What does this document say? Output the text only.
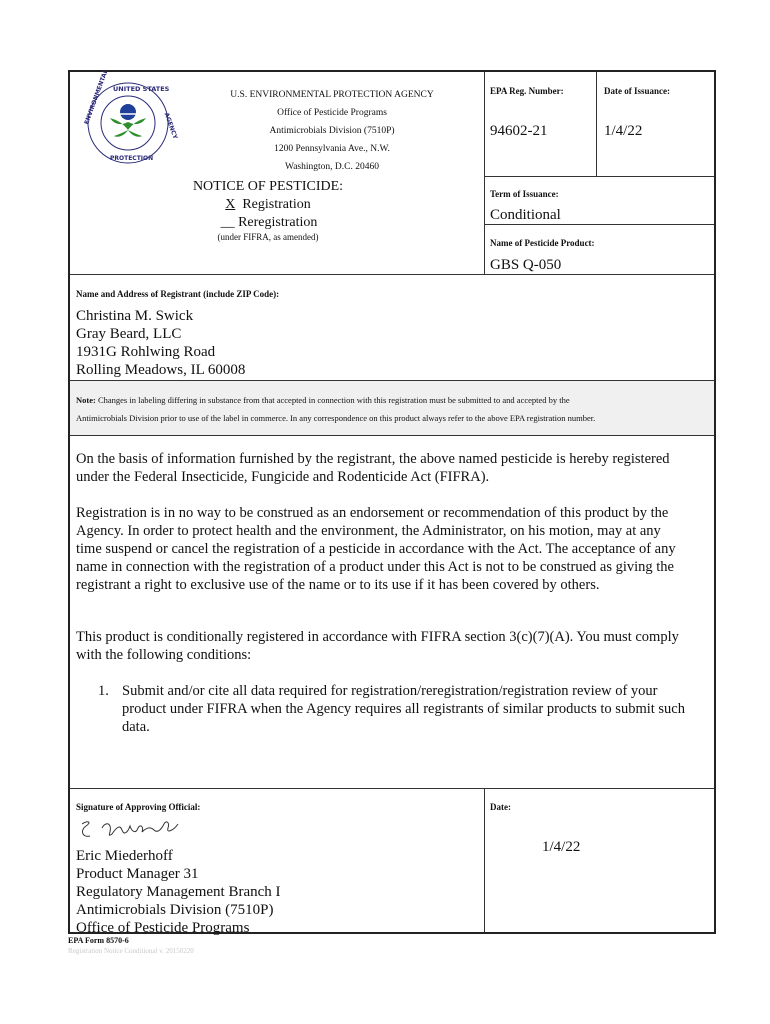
UNITED STATES
ENVIRONMENTAL
PROTECTION
AGENCY
U.S. ENVIRONMENTAL PROTECTION AGENCY
Office of Pesticide Programs
Antimicrobials Division (7510P)
1200 Pennsylvania Ave., N.W.
Washington, D.C. 20460
NOTICE OF PESTICIDE:
X Registration
__ Reregistration
(under FIFRA, as amended)
EPA Reg. Number:
94602-21
Date of Issuance:
1/4/22
Term of Issuance:
Conditional
Name of Pesticide Product:
GBS Q-050
Name and Address of Registrant (include ZIP Code):
Christina M. Swick
Gray Beard, LLC
1931G Rohlwing Road
Rolling Meadows, IL 60008
Note: Changes in labeling differing in substance from that accepted in connection with this registration must be submitted to and accepted by the
Antimicrobials Division prior to use of the label in commerce. In any correspondence on this product always refer to the above EPA registration number.
On the basis of information furnished by the registrant, the above named pesticide is hereby registered
under the Federal Insecticide, Fungicide and Rodenticide Act (FIFRA).
Registration is in no way to be construed as an endorsement or recommendation of this product by the
Agency. In order to protect health and the environment, the Administrator, on his motion, may at any
time suspend or cancel the registration of a pesticide in accordance with the Act. The acceptance of any
name in connection with the registration of a product under this Act is not to be construed as giving the
registrant a right to exclusive use of the name or to its use if it has been covered by others.
This product is conditionally registered in accordance with FIFRA section 3(c)(7)(A). You must comply
with the following conditions:
1. Submit and/or cite all data required for registration/reregistration/registration review of your
product under FIFRA when the Agency requires all registrants of similar products to submit such
data.
Signature of Approving Official:
Eric Miederhoff
Product Manager 31
Regulatory Management Branch I
Antimicrobials Division (7510P)
Office of Pesticide Programs
Date:
1/4/22
EPA Form 8570-6
Registration Notice Conditional v. 20150220
